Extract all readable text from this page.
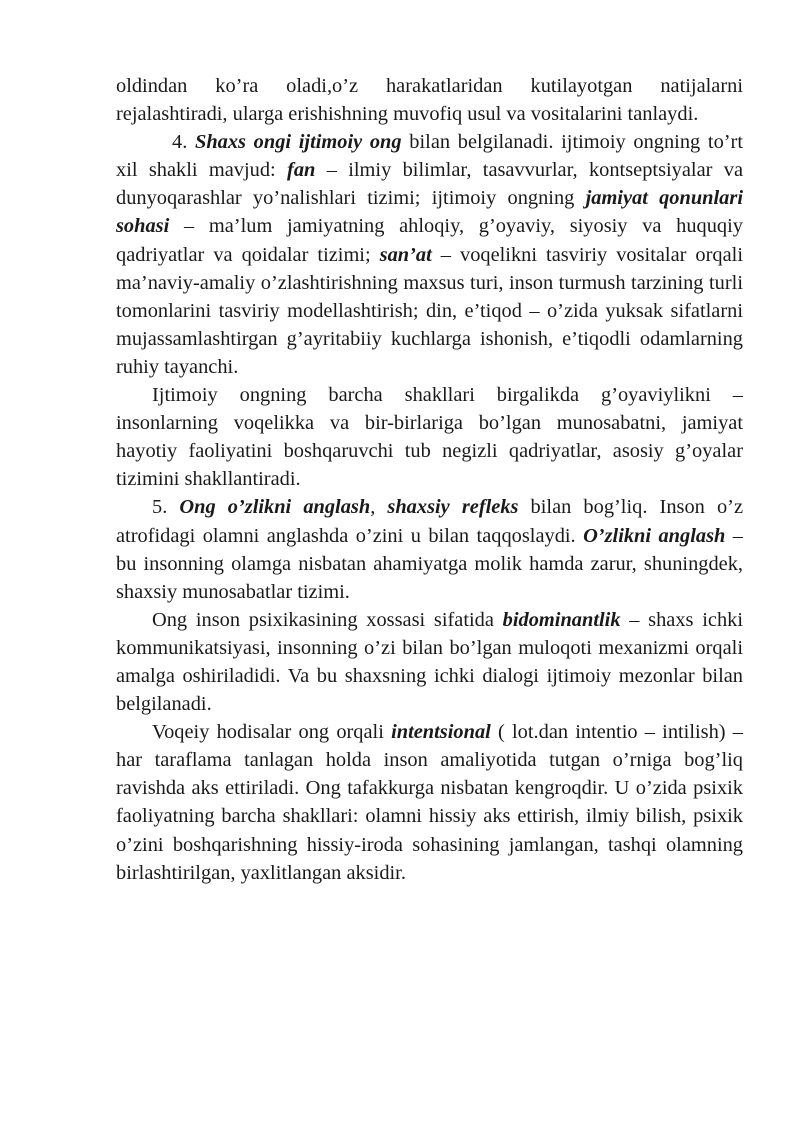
oldindan ko’ra oladi,o’z harakatlaridan kutilayotgan natijalarni rejalashtiradi, ularga erishishning muvofiq usul va vositalarini tanlaydi.

4. Shaxs ongi ijtimoiy ong bilan belgilanadi. ijtimoiy ongning to’rt xil shakli mavjud: fan – ilmiy bilimlar, tasavvurlar, kontseptsiyalar va dunyoqarashlar yo’nalishlari tizimi; ijtimoiy ongning jamiyat qonunlari sohasi – ma’lum jamiyatning ahloqiy, g’oyaviy, siyosiy va huquqiy qadriyatlar va qoidalar tizimi; san’at – voqelikni tasviriy vositalar orqali ma’naviy-amaliy o’zlashtirishning maxsus turi, inson turmush tarzining turli tomonlarini tasviriy modellashtirish; din, e’tiqod – o’zida yuksak sifatlarni mujassamlashtirgan g’ayritabiiy kuchlarga ishonish, e’tiqodli odamlarning ruhiy tayanchi.

Ijtimoiy ongning barcha shakllari birgalikda g’oyaviylikni – insonlarning voqelikka va bir-birlariga bo’lgan munosabatni, jamiyat hayotiy faoliyatini boshqaruvchi tub negizli qadriyatlar, asosiy g’oyalar tizimini shakllantiradi.

5. Ong o’zlikni anglash, shaxsiy refleks bilan bog’liq. Inson o’z atrofidagi olamni anglashda o’zini u bilan taqqoslaydi. O’zlikni anglash – bu insonning olamga nisbatan ahamiyatga molik hamda zarur, shuningdek, shaxsiy munosabatlar tizimi.

Ong inson psixikasining xossasi sifatida bidominantlik – shaxs ichki kommunikatsiyasi, insonning o’zi bilan bo’lgan muloqoti mexanizmi orqali amalga oshiriladidi. Va bu shaxsning ichki dialogi ijtimoiy mezonlar bilan belgilanadi.

Voqeiy hodisalar ong orqali intentsional ( lot.dan intentio – intilish) – har taraflama tanlagan holda inson amaliyotida tutgan o’rniga bog’liq ravishda aks ettiriladi. Ong tafakkurga nisbatan kengroqdir. U o’zida psixik faoliyatning barcha shakllari: olamni hissiy aks ettirish, ilmiy bilish, psixik o’zini boshqarishning hissiy-iroda sohasining jamlangan, tashqi olamning birlashtirilgan, yaxlitlangan aksidir.
